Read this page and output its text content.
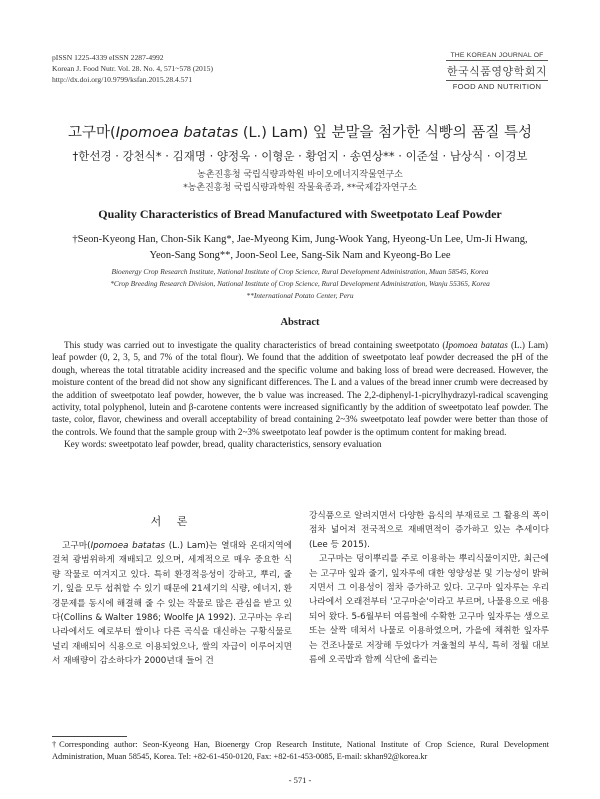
pISSN 1225-4339 eISSN 2287-4992
Korean J. Food Nutr. Vol. 28. No. 4, 571~578 (2015)
http://dx.doi.org/10.9799/ksfan.2015.28.4.571
THE KOREAN JOURNAL OF
한국식품영양학회지
FOOD AND NUTRITION
고구마(Ipomoea batatas (L.) Lam) 잎 분말을 첨가한 식빵의 품질 특성
†한선경 · 강천식* · 김재명 · 양정욱 · 이형운 · 황엄지 · 송연상** · 이준설 · 남상식 · 이경보
농촌진흥청 국립식량과학원 바이오에너지작물연구소
*농촌진흥청 국립식량과학원 작물육종과, **국제감자연구소
Quality Characteristics of Bread Manufactured with Sweetpotato Leaf Powder
†Seon-Kyeong Han, Chon-Sik Kang*, Jae-Myeong Kim, Jung-Wook Yang, Hyeong-Un Lee, Um-Ji Hwang,
Yeon-Sang Song**, Joon-Seol Lee, Sang-Sik Nam and Kyeong-Bo Lee
Bioenergy Crop Research Institute, National Institute of Crop Science, Rural Development Administration, Muan 58545, Korea
*Crop Breeding Research Division, National Institute of Crop Science, Rural Development Administration, Wanju 55365, Korea
**International Potato Center, Peru
Abstract

This study was carried out to investigate the quality characteristics of bread containing sweetpotato (Ipomoea batatas (L.) Lam) leaf powder (0, 2, 3, 5, and 7% of the total flour). We found that the addition of sweetpotato leaf powder decreased the pH of the dough, whereas the total titratable acidity increased and the specific volume and baking loss of bread were decreased. However, the moisture content of the bread did not show any significant differences. The L and a values of the bread inner crumb were decreased by the addition of sweetpotato leaf powder, however, the b value was increased. The 2,2-diphenyl-1-picrylhydrazyl-radical scavenging activity, total polyphenol, lutein and β-carotene contents were increased significantly by the addition of sweetpotato leaf powder. The taste, color, flavor, chewiness and overall acceptability of bread containing 2~3% sweetpotato leaf powder were better than those of the controls. We found that the sample group with 2~3% sweetpotato leaf powder is the optimum content for making bread.

Key words: sweetpotato leaf powder, bread, quality characteristics, sensory evaluation
서 론

고구마(Ipomoea batatas (L.) Lam)는 열대와 온대지역에 걸쳐 광범위하게 재배되고 있으며, 세계적으로 매우 중요한 식량 작물로 여겨지고 있다. 특히 환경적응성이 강하고, 뿌리, 줄기, 잎을 모두 섭취할 수 있기 때문에 21세기의 식량, 에너지, 환경문제를 동시에 해결해 줄 수 있는 작물로 많은 관심을 받고 있다(Collins & Walter 1986; Woolfe JA 1992). 고구마는 우리나라에서도 예로부터 쌀이나 다른 곡식을 대신하는 구황식물로 널리 재배되어 식용으로 이용되었으나, 쌀의 자급이 이루어지면서 재배량이 감소하다가 2000년대 들어 건

강식품으로 알려지면서 다양한 음식의 부재료로 그 활용의 폭이 점차 넓어져 전국적으로 재배면적이 증가하고 있는 추세이다(Lee 등 2015).

고구마는 덩이뿌리를 주로 이용하는 뿌리식물이지만, 최근에는 고구마 잎과 줄기, 잎자루에 대한 영양성분 및 기능성이 밝혀지면서 그 이용성이 점차 증가하고 있다. 고구마 잎자루는 우리나라에서 오래전부터 '고구마순'이라고 부르며, 나물용으로 애용되어 왔다. 5-6월부터 여름철에 수확한 고구마 잎자루는 생으로 또는 살짝 데쳐서 나물로 이용하였으며, 가을에 채취한 잎자루는 건조나물로 저장해 두었다가 겨울철의 부식, 특히 정월 대보름에 오곡밥과 함께 식단에 올리는

†Corresponding author: Seon-Kyeong Han, Bioenergy Crop Research Institute, National Institute of Crop Science, Rural Development Administration, Muan 58545, Korea. Tel: +82-61-450-0120, Fax: +82-61-453-0085, E-mail: skhan92@korea.kr
- 571 -
